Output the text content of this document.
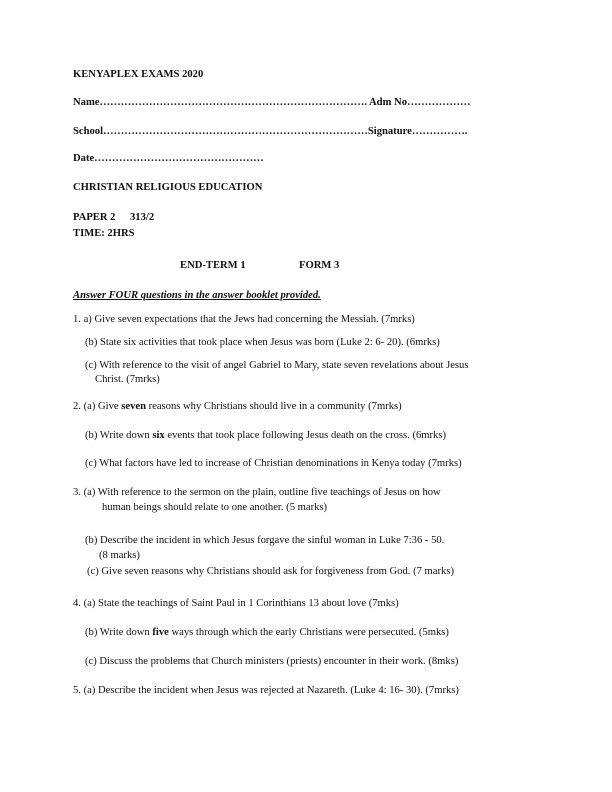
KENYAPLEX EXAMS 2020
Name…………………………………………………………………. Adm No………………
School…………………………………………………………………Signature…………….
Date…………………………………………
CHRISTIAN RELIGIOUS EDUCATION
PAPER 2 313/2
TIME: 2HRS
END-TERM 1	FORM 3
Answer FOUR questions in the answer booklet provided.
1. a) Give seven expectations that the Jews had concerning the Messiah. (7mrks)
(b) State six activities that took place when Jesus was born (Luke 2: 6- 20). (6mrks)
(c) With reference to the visit of angel Gabriel to Mary, state seven revelations about Jesus
Christ. (7mrks)
2. (a) Give seven reasons why Christians should live in a community (7mrks)
(b) Write down six events that took place following Jesus death on the cross. (6mrks)
(c) What factors have led to increase of Christian denominations in Kenya today (7mrks)
3. (a) With reference to the sermon on the plain, outline five teachings of Jesus on how
human beings should relate to one another. (5 marks)
(b) Describe the incident in which Jesus forgave the sinful woman in Luke 7:36 - 50.
(8 marks)
(c) Give seven reasons why Christians should ask for forgiveness from God. (7 marks)
4. (a) State the teachings of Saint Paul in 1 Corinthians 13 about love (7mks)
(b) Write down five ways through which the early Christians were persecuted. (5mks)
(c) Discuss the problems that Church ministers (priests) encounter in their work. (8mks)
5. (a) Describe the incident when Jesus was rejected at Nazareth. (Luke 4: 16- 30). (7mrks)
